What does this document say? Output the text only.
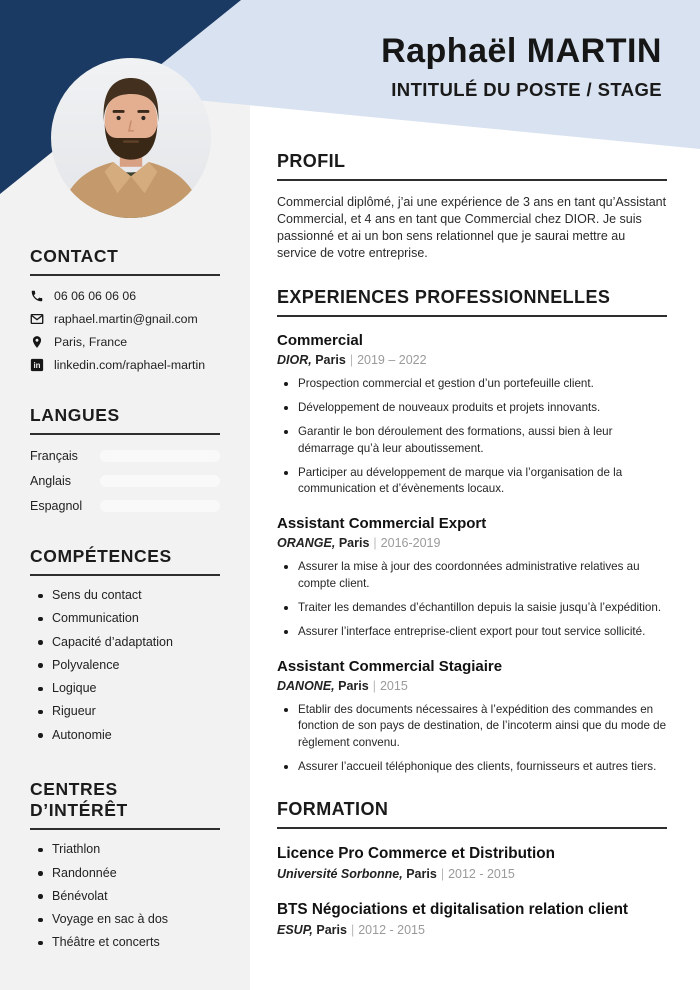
Raphaël MARTIN
INTITULÉ DU POSTE / STAGE
CONTACT
06 06 06 06 06
raphael.martin@gnail.com
Paris, France
in linkedin.com/raphael-martin
LANGUES
Français
Anglais
Espagnol
COMPÉTENCES
Sens du contact
Communication
Capacité d’adaptation
Polyvalence
Logique
Rigueur
Autonomie
CENTRES D’INTÉRÊT
Triathlon
Randonnée
Bénévolat
Voyage en sac à dos
Théâtre et concerts
PROFIL
Commercial diplômé, j’ai une expérience de 3 ans en tant qu’Assistant Commercial, et 4 ans en tant que Commercial chez DIOR. Je suis passionné et ai un bon sens relationnel que je saurai mettre au service de votre entreprise.
EXPERIENCES PROFESSIONNELLES
Commercial
DIOR, Paris | 2019 – 2022
Prospection commercial et gestion d’un portefeuille client.
Développement de nouveaux produits et projets innovants.
Garantir le bon déroulement des formations, aussi bien à leur démarrage qu’à leur aboutissement.
Participer au développement de marque via l’organisation de la communication et d’évènements locaux.
Assistant Commercial Export
ORANGE, Paris | 2016-2019
Assurer la mise à jour des coordonnées administrative relatives au compte client.
Traiter les demandes d’échantillon depuis la saisie jusqu’à l’expédition.
Assurer l’interface entreprise-client export pour tout service sollicité.
Assistant Commercial Stagiaire
DANONE, Paris | 2015
Etablir des documents nécessaires à l’expédition des commandes en fonction de son pays de destination, de l’incoterm ainsi que du mode de règlement convenu.
Assurer l’accueil téléphonique des clients, fournisseurs et autres tiers.
FORMATION
Licence Pro Commerce et Distribution
Université Sorbonne, Paris | 2012 - 2015
BTS Négociations et digitalisation relation client
ESUP, Paris | 2012 - 2015
